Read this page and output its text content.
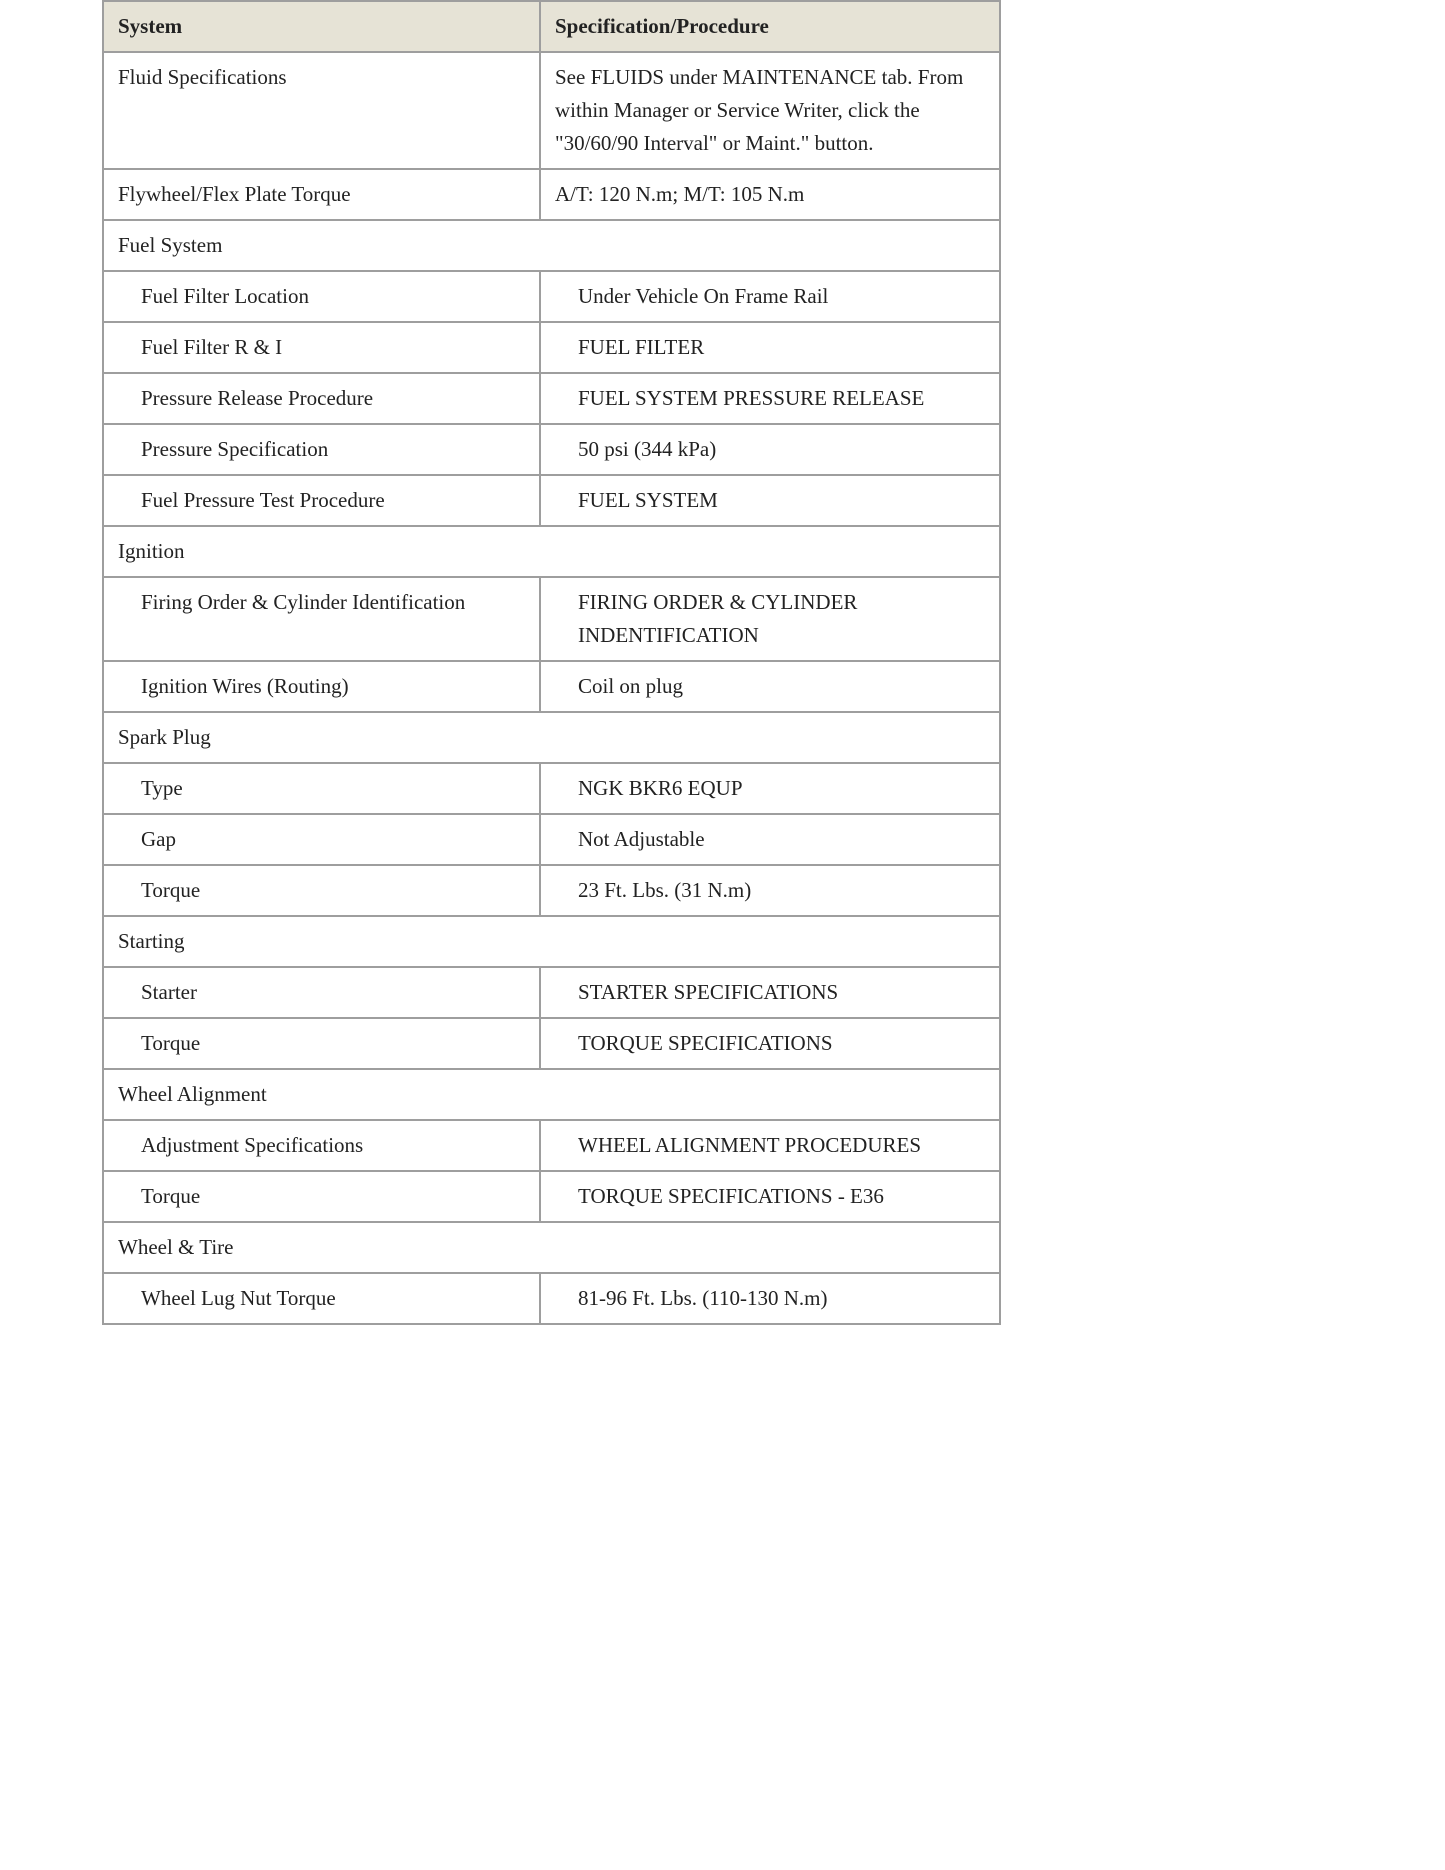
System	Specification/Procedure
Fluid Specifications	See FLUIDS under MAINTENANCE tab. From within Manager or Service Writer, click the "30/60/90 Interval" or Maint." button.
Flywheel/Flex Plate Torque	A/T: 120 N.m; M/T: 105 N.m
Fuel System	
Fuel Filter Location	Under Vehicle On Frame Rail
Fuel Filter R & I	FUEL FILTER
Pressure Release Procedure	FUEL SYSTEM PRESSURE RELEASE
Pressure Specification	50 psi (344 kPa)
Fuel Pressure Test Procedure	FUEL SYSTEM
Ignition	
Firing Order & Cylinder Identification	FIRING ORDER & CYLINDER INDENTIFICATION
Ignition Wires (Routing)	Coil on plug
Spark Plug	
Type	NGK BKR6 EQUP
Gap	Not Adjustable
Torque	23 Ft. Lbs. (31 N.m)
Starting	
Starter	STARTER SPECIFICATIONS
Torque	TORQUE SPECIFICATIONS
Wheel Alignment	
Adjustment Specifications	WHEEL ALIGNMENT PROCEDURES
Torque	TORQUE SPECIFICATIONS - E36
Wheel & Tire	
Wheel Lug Nut Torque	81-96 Ft. Lbs. (110-130 N.m)
